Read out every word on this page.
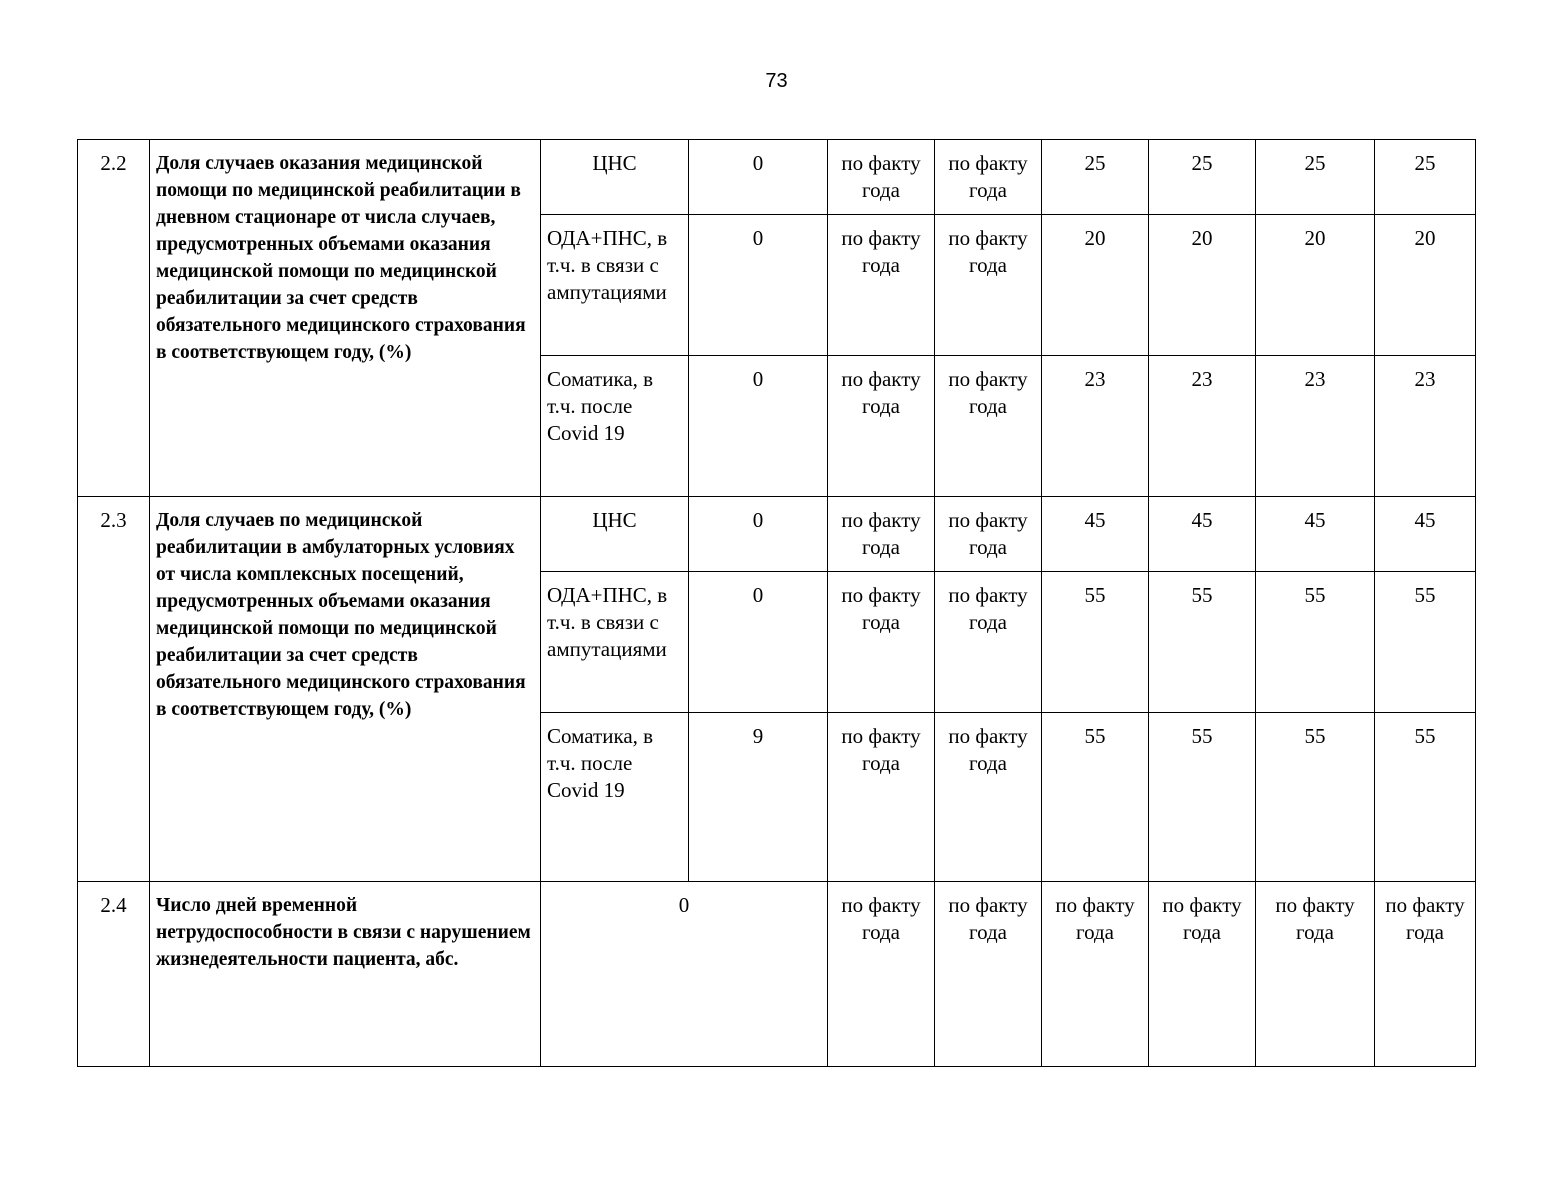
73
2.2	Доля случаев оказания медицинской помощи по медицинской реабилитации в дневном стационаре от числа случаев, предусмотренных объемами оказания медицинской помощи по медицинской реабилитации за счет средств обязательного медицинского страхования в соответствующем году, (%)	ЦНС	0	по факту года	по факту года	25	25	25	25
		ОДА+ПНС, в т.ч. в связи с ампутациями	0	по факту года	по факту года	20	20	20	20
		Соматика, в т.ч. после Covid 19	0	по факту года	по факту года	23	23	23	23
2.3	Доля случаев по медицинской реабилитации в амбулаторных условиях от числа комплексных посещений, предусмотренных объемами оказания медицинской помощи по медицинской реабилитации за счет средств обязательного медицинского страхования в соответствующем году, (%)	ЦНС	0	по факту года	по факту года	45	45	45	45
		ОДА+ПНС, в т.ч. в связи с ампутациями	0	по факту года	по факту года	55	55	55	55
		Соматика, в т.ч. после Covid 19	9	по факту года	по факту года	55	55	55	55
2.4	Число дней временной нетрудоспособности в связи с нарушением жизнедеятельности пациента, абс.	0		по факту года	по факту года	по факту года	по факту года	по факту года	по факту года
